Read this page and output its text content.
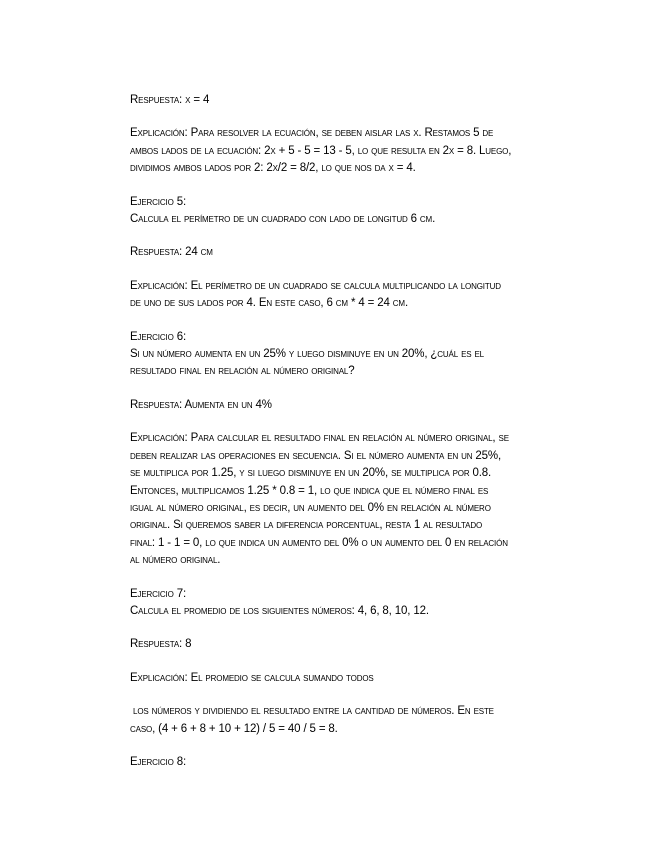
Respuesta: x = 4

Explicación: Para resolver la ecuación, se deben aislar las x. Restamos 5 de
ambos lados de la ecuación: 2x + 5 - 5 = 13 - 5, lo que resulta en 2x = 8. Luego,
dividimos ambos lados por 2: 2x/2 = 8/2, lo que nos da x = 4.

Ejercicio 5:
Calcula el perímetro de un cuadrado con lado de longitud 6 cm.

Respuesta: 24 cm

Explicación: El perímetro de un cuadrado se calcula multiplicando la longitud
de uno de sus lados por 4. En este caso, 6 cm * 4 = 24 cm.

Ejercicio 6:
Si un número aumenta en un 25% y luego disminuye en un 20%, ¿cuál es el
resultado final en relación al número original?

Respuesta: Aumenta en un 4%

Explicación: Para calcular el resultado final en relación al número original, se
deben realizar las operaciones en secuencia. Si el número aumenta en un 25%,
se multiplica por 1.25, y si luego disminuye en un 20%, se multiplica por 0.8.
Entonces, multiplicamos 1.25 * 0.8 = 1, lo que indica que el número final es
igual al número original, es decir, un aumento del 0% en relación al número
original. Si queremos saber la diferencia porcentual, resta 1 al resultado
final: 1 - 1 = 0, lo que indica un aumento del 0% o un aumento del 0 en relación
al número original.

Ejercicio 7:
Calcula el promedio de los siguientes números: 4, 6, 8, 10, 12.

Respuesta: 8

Explicación: El promedio se calcula sumando todos

los números y dividiendo el resultado entre la cantidad de números. En este
caso, (4 + 6 + 8 + 10 + 12) / 5 = 40 / 5 = 8.

Ejercicio 8:
